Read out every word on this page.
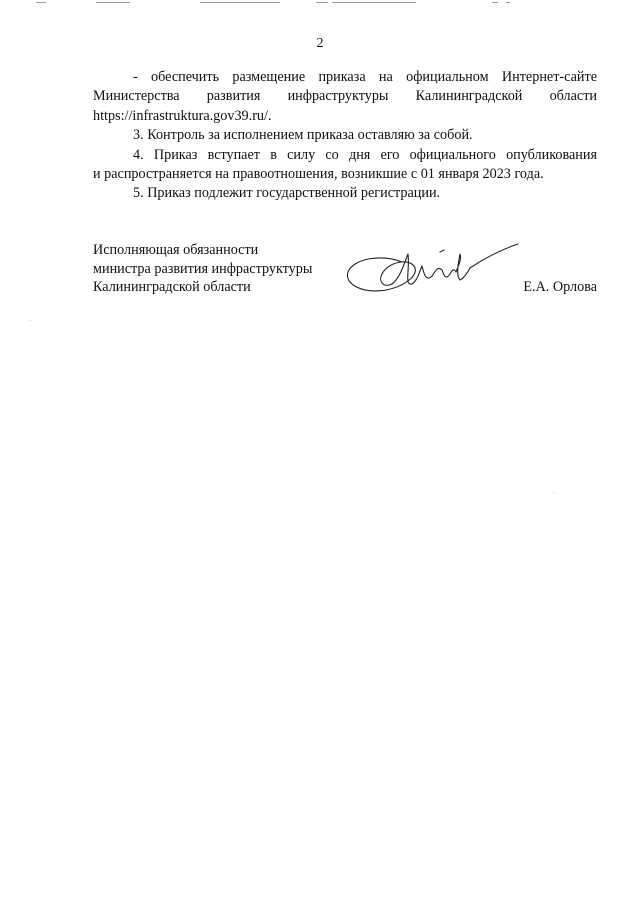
2

- обеспечить размещение приказа на официальном Интернет-сайте

Министерства развития инфраструктуры Калининградской области
https://infrastruktura.gov39.ru/.

3. Контроль за исполнением приказа оставляю за собой.

4. Приказ вступает в силу со дня его официального опубликования

и распространяется на правоотношения, возникшие с 01 января 2023 года.

5. Приказ подлежит государственной регистрации.

Исполняющая обязанности
министра развития инфраструктуры
Калининградской области	Е.А. Орлова
